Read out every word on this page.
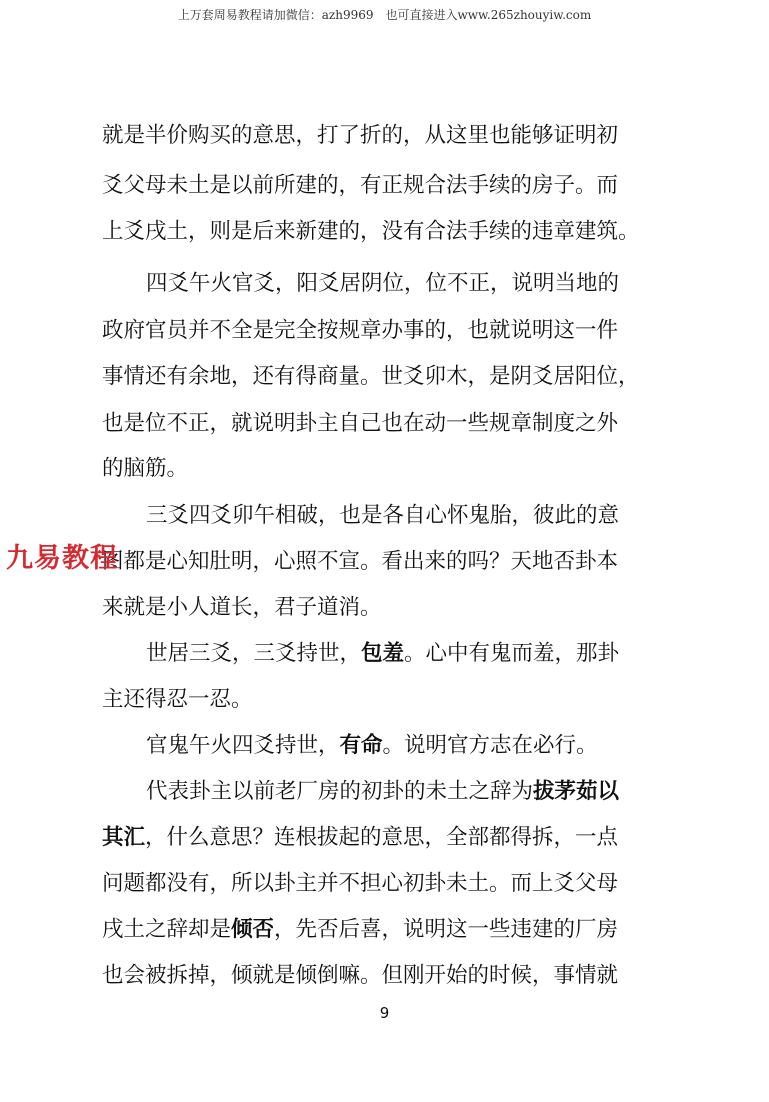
上万套周易教程请加微信：azh9969　也可直接进入www.265zhouyiw.com
就是半价购买的意思，打了折的，从这里也能够证明初
爻父母未土是以前所建的，有正规合法手续的房子。而
上爻戌土，则是后来新建的，没有合法手续的违章建筑。
四爻午火官爻，阳爻居阴位，位不正，说明当地的
政府官员并不全是完全按规章办事的，也就说明这一件
事情还有余地，还有得商量。世爻卯木，是阴爻居阳位，
也是位不正，就说明卦主自己也在动一些规章制度之外
的脑筋。
三爻四爻卯午相破，也是各自心怀鬼胎，彼此的意
图都是心知肚明，心照不宣。看出来的吗？天地否卦本
来就是小人道长，君子道消。
世居三爻，三爻持世，包羞。心中有鬼而羞，那卦
主还得忍一忍。
官鬼午火四爻持世，有命。说明官方志在必行。
代表卦主以前老厂房的初卦的未土之辞为拔茅茹以
其汇，什么意思？连根拔起的意思，全部都得拆，一点
问题都没有，所以卦主并不担心初卦未土。而上爻父母
戌土之辞却是倾否，先否后喜，说明这一些违建的厂房
也会被拆掉，倾就是倾倒嘛。但刚开始的时候，事情就
九易教程
9
